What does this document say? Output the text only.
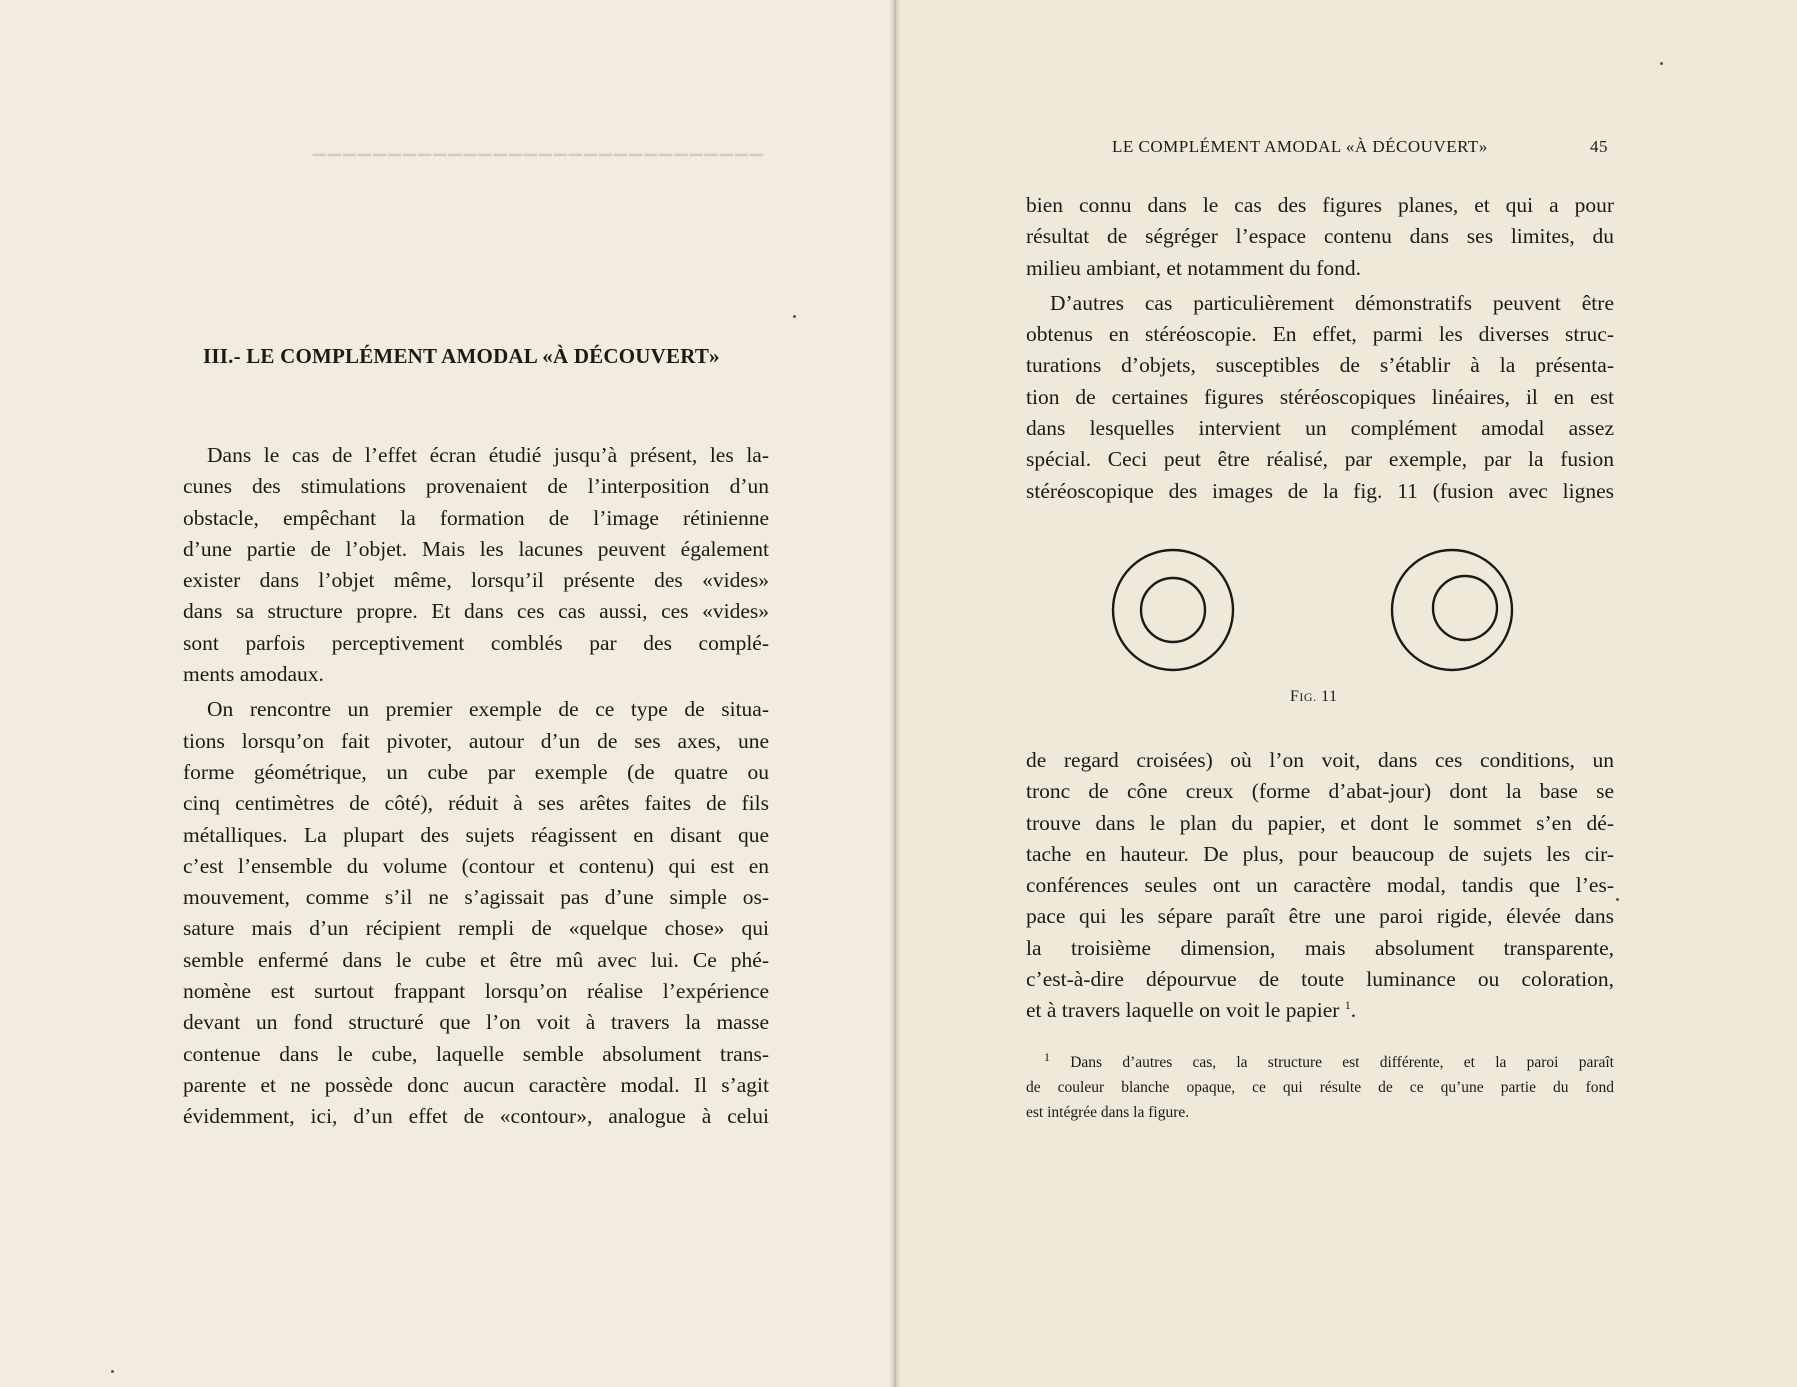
▁▁▁▁▁▁▁▁▁▁▁▁▁▁▁▁▁▁▁▁▁▁▁▁▁▁▁▁▁▁
III.- LE COMPLÉMENT AMODAL «À DÉCOUVERT»

Dans le cas de l’effet écran étudié jusqu’à présent, les la-
cunes des stimulations provenaient de l’interposition d’un
obstacle, empêchant la formation de l’image rétinienne
d’une partie de l’objet. Mais les lacunes peuvent également
exister dans l’objet même, lorsqu’il présente des «vides»
dans sa structure propre. Et dans ces cas aussi, ces «vides»
sont parfois perceptivement comblés par des complé-
ments amodaux.

On rencontre un premier exemple de ce type de situa-
tions lorsqu’on fait pivoter, autour d’un de ses axes, une
forme géométrique, un cube par exemple (de quatre ou
cinq centimètres de côté), réduit à ses arêtes faites de fils
métalliques. La plupart des sujets réagissent en disant que
c’est l’ensemble du volume (contour et contenu) qui est en
mouvement, comme s’il ne s’agissait pas d’une simple os-
sature mais d’un récipient rempli de «quelque chose» qui
semble enfermé dans le cube et être mû avec lui. Ce phé-
nomène est surtout frappant lorsqu’on réalise l’expérience
devant un fond structuré que l’on voit à travers la masse
contenue dans le cube, laquelle semble absolument trans-
parente et ne possède donc aucun caractère modal. Il s’agit
évidemment, ici, d’un effet de «contour», analogue à celui

LE COMPLÉMENT AMODAL «À DÉCOUVERT»	45

bien connu dans le cas des figures planes, et qui a pour
résultat de ségréger l’espace contenu dans ses limites, du
milieu ambiant, et notamment du fond.

D’autres cas particulièrement démonstratifs peuvent être
obtenus en stéréoscopie. En effet, parmi les diverses struc-
turations d’objets, susceptibles de s’établir à la présenta-
tion de certaines figures stéréoscopiques linéaires, il en est
dans lesquelles intervient un complément amodal assez
spécial. Ceci peut être réalisé, par exemple, par la fusion
stéréoscopique des images de la fig. 11 (fusion avec lignes

FIG. 11

de regard croisées) où l’on voit, dans ces conditions, un
tronc de cône creux (forme d’abat-jour) dont la base se
trouve dans le plan du papier, et dont le sommet s’en dé-
tache en hauteur. De plus, pour beaucoup de sujets les cir-
conférences seules ont un caractère modal, tandis que l’es-
pace qui les sépare paraît être une paroi rigide, élevée dans
la troisième dimension, mais absolument transparente,
c’est-à-dire dépourvue de toute luminance ou coloration,
et à travers laquelle on voit le papier $^1$.

$^1$ Dans d’autres cas, la structure est différente, et la paroi paraît
de couleur blanche opaque, ce qui résulte de ce qu’une partie du fond
est intégrée dans la figure.
